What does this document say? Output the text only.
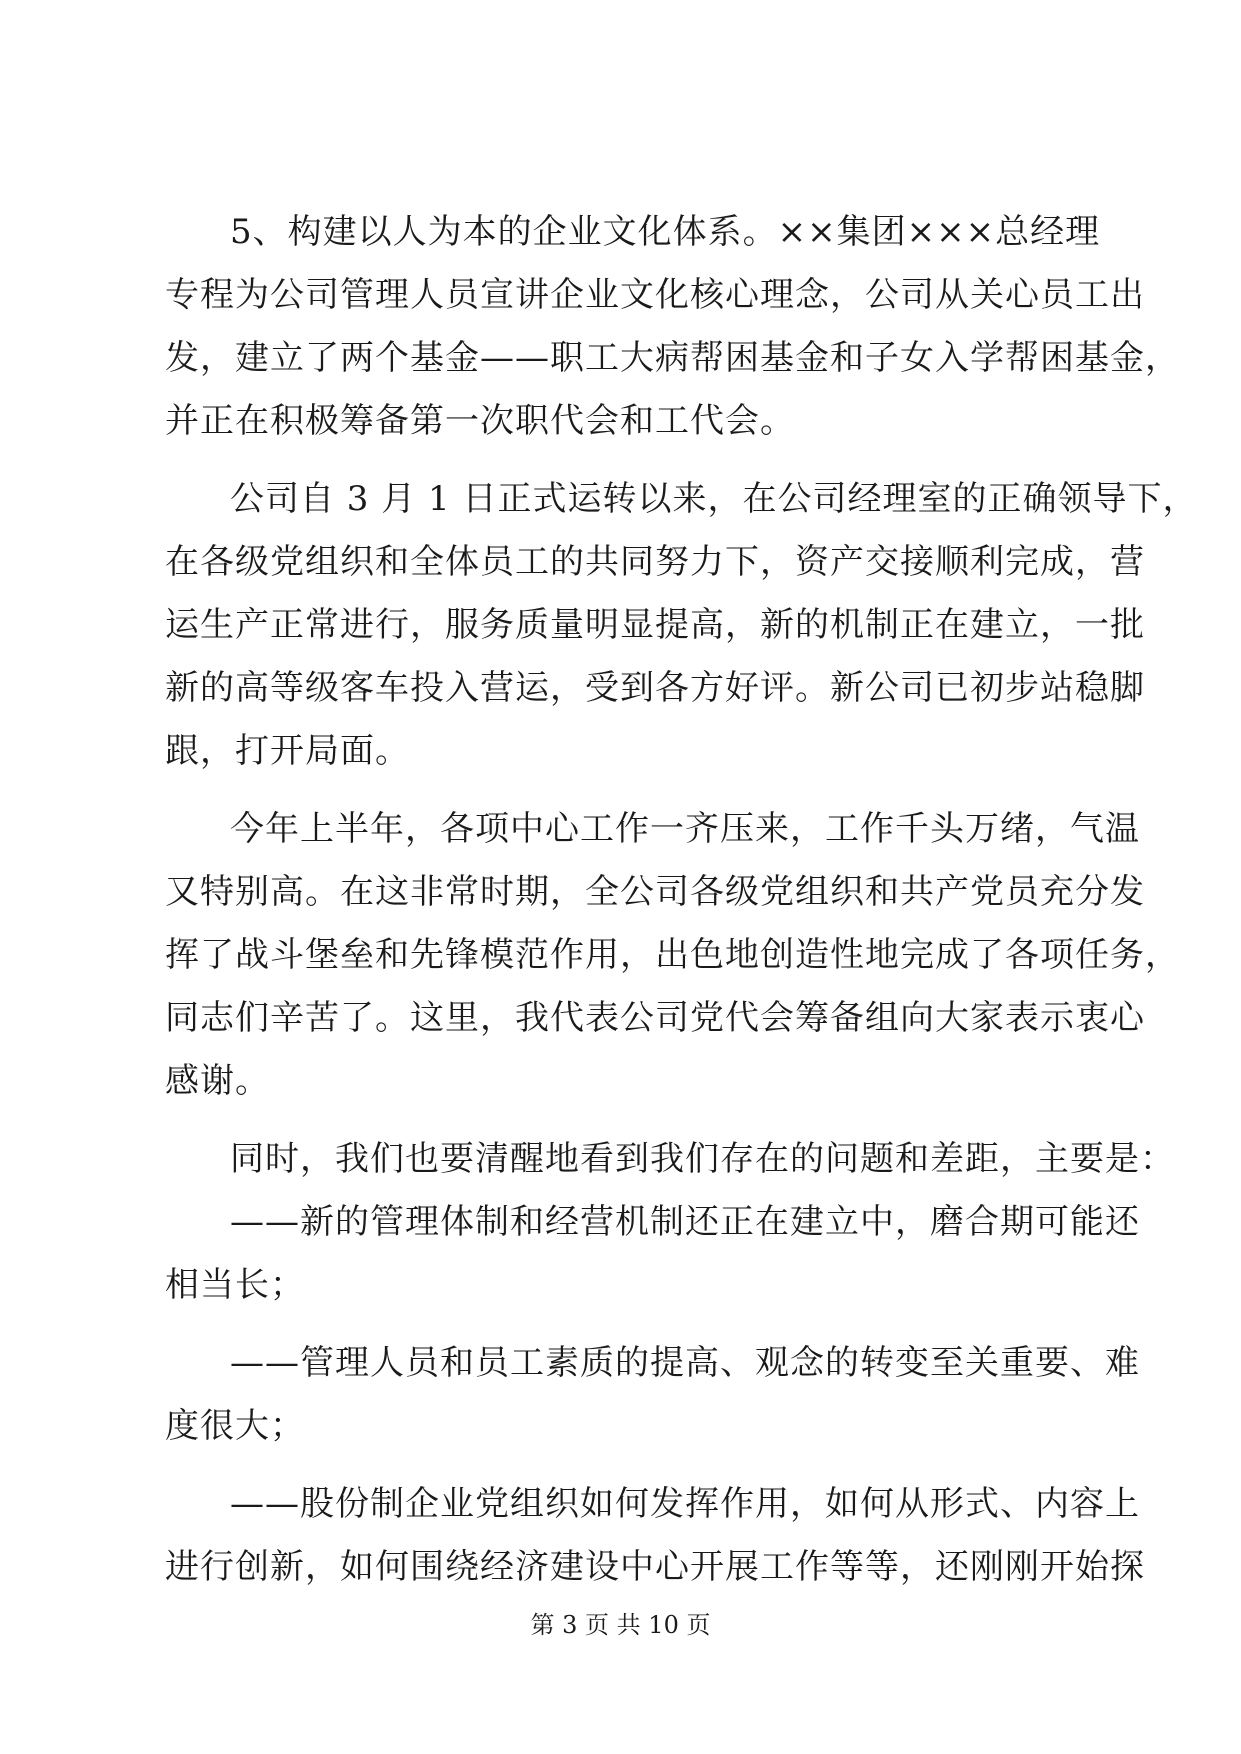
5、构建以人为本的企业文化体系。××集团×××总经理
专程为公司管理人员宣讲企业文化核心理念，公司从关心员工出
发，建立了两个基金——职工大病帮困基金和子女入学帮困基金，
并正在积极筹备第一次职代会和工代会。
公司自 3 月 1 日正式运转以来，在公司经理室的正确领导下，
在各级党组织和全体员工的共同努力下，资产交接顺利完成，营
运生产正常进行，服务质量明显提高，新的机制正在建立，一批
新的高等级客车投入营运，受到各方好评。新公司已初步站稳脚
跟，打开局面。
今年上半年，各项中心工作一齐压来，工作千头万绪，气温
又特别高。在这非常时期，全公司各级党组织和共产党员充分发
挥了战斗堡垒和先锋模范作用，出色地创造性地完成了各项任务，
同志们辛苦了。这里，我代表公司党代会筹备组向大家表示衷心
感谢。
同时，我们也要清醒地看到我们存在的问题和差距，主要是：
——新的管理体制和经营机制还正在建立中，磨合期可能还
相当长；
——管理人员和员工素质的提高、观念的转变至关重要、难
度很大；
——股份制企业党组织如何发挥作用，如何从形式、内容上
进行创新，如何围绕经济建设中心开展工作等等，还刚刚开始探
第 3 页 共 10 页
